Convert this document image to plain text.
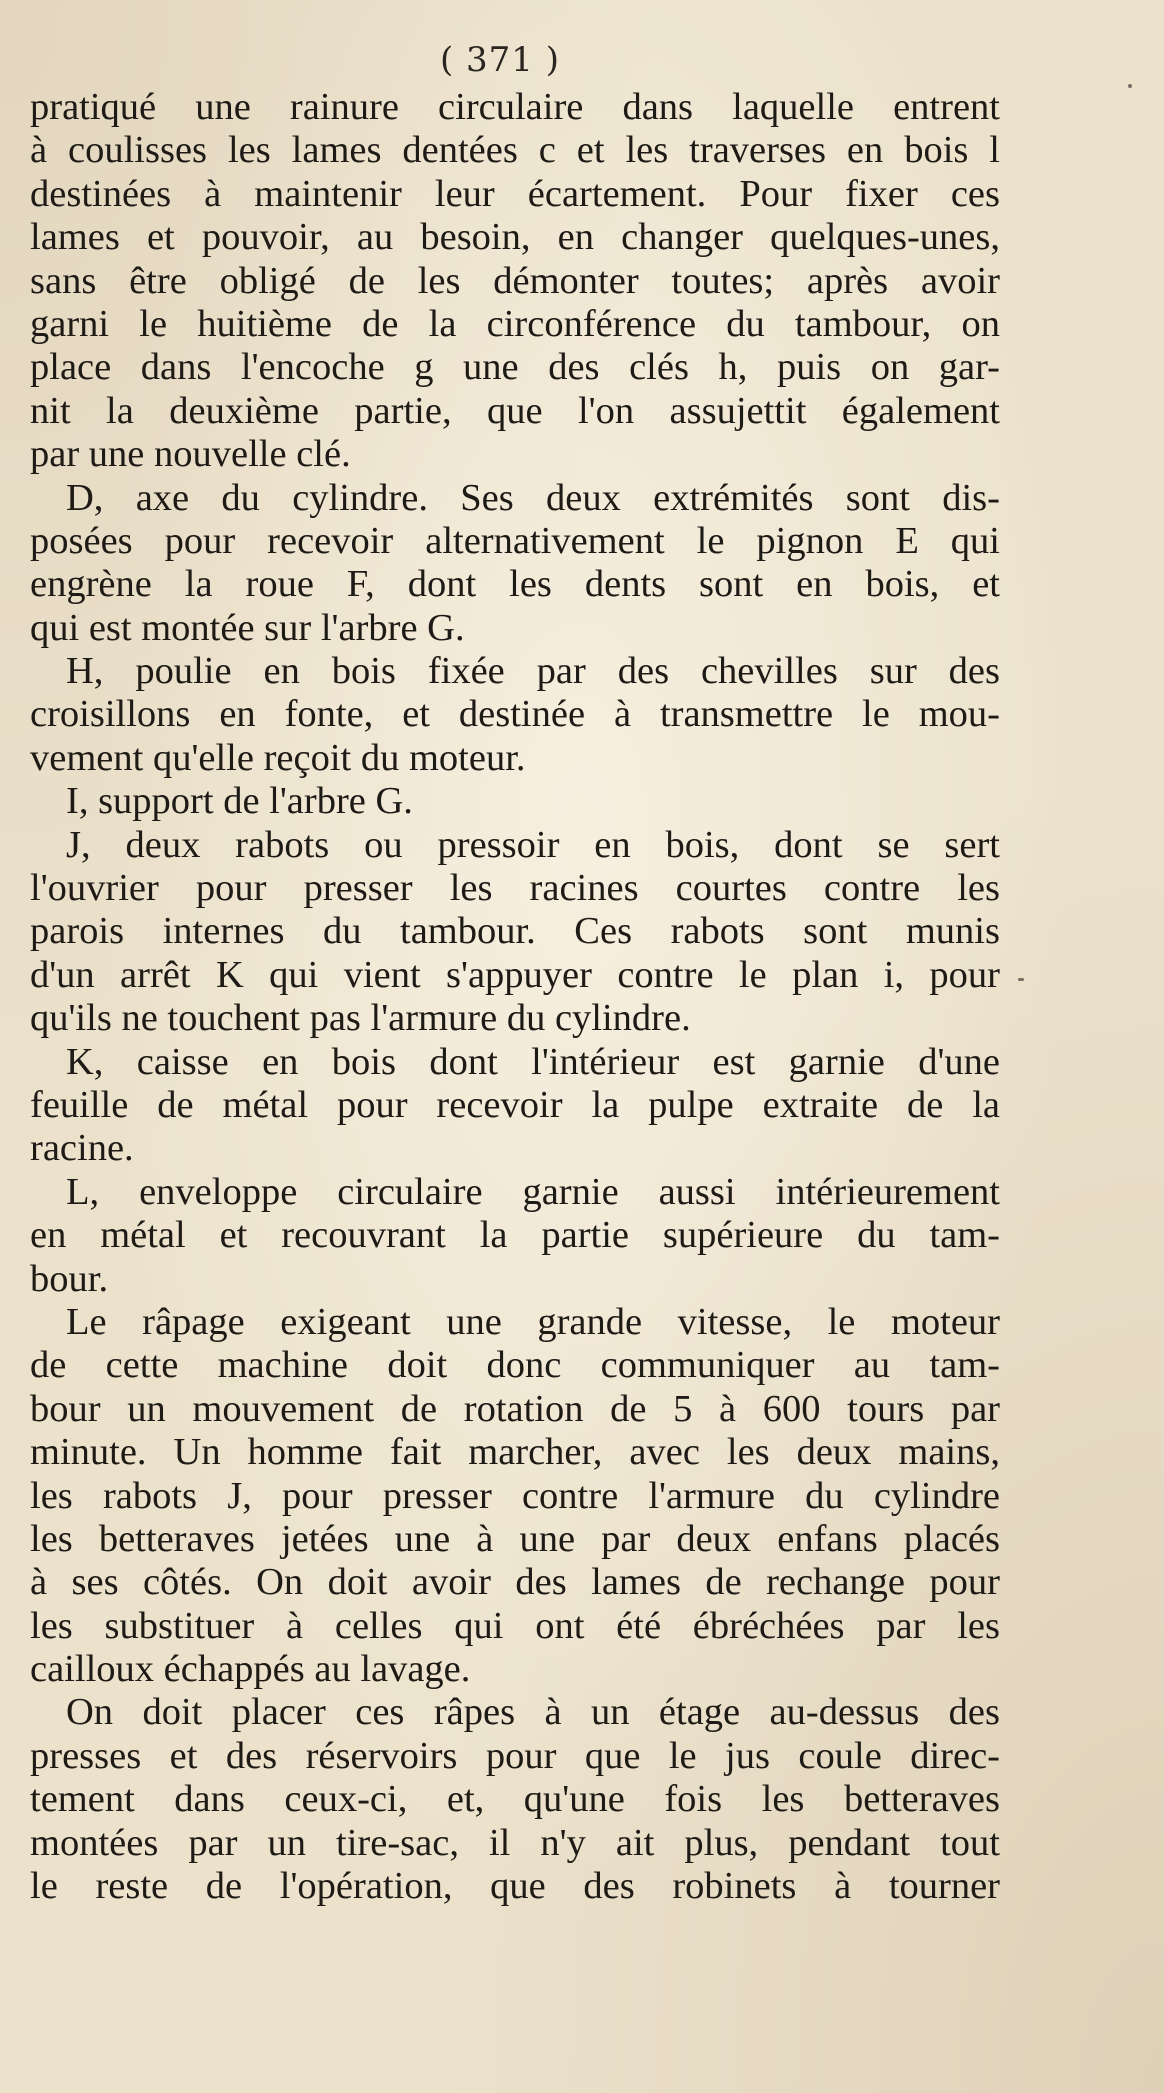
( 371 )
pratiqué une rainure circulaire dans laquelle entrent
à coulisses les lames dentées c et les traverses en bois l
destinées à maintenir leur écartement. Pour fixer ces
lames et pouvoir, au besoin, en changer quelques-unes,
sans être obligé de les démonter toutes; après avoir
garni le huitième de la circonférence du tambour, on
place dans l'encoche g une des clés h, puis on gar-
nit la deuxième partie, que l'on assujettit également
par une nouvelle clé.
D, axe du cylindre. Ses deux extrémités sont dis-
posées pour recevoir alternativement le pignon E qui
engrène la roue F, dont les dents sont en bois, et
qui est montée sur l'arbre G.
H, poulie en bois fixée par des chevilles sur des
croisillons en fonte, et destinée à transmettre le mou-
vement qu'elle reçoit du moteur.
I, support de l'arbre G.
J, deux rabots ou pressoir en bois, dont se sert
l'ouvrier pour presser les racines courtes contre les
parois internes du tambour. Ces rabots sont munis
d'un arrêt K qui vient s'appuyer contre le plan i, pour
qu'ils ne touchent pas l'armure du cylindre.
K, caisse en bois dont l'intérieur est garnie d'une
feuille de métal pour recevoir la pulpe extraite de la
racine.
L, enveloppe circulaire garnie aussi intérieurement
en métal et recouvrant la partie supérieure du tam-
bour.
Le râpage exigeant une grande vitesse, le moteur
de cette machine doit donc communiquer au tam-
bour un mouvement de rotation de 5 à 600 tours par
minute. Un homme fait marcher, avec les deux mains,
les rabots J, pour presser contre l'armure du cylindre
les betteraves jetées une à une par deux enfans placés
à ses côtés. On doit avoir des lames de rechange pour
les substituer à celles qui ont été ébréchées par les
cailloux échappés au lavage.
On doit placer ces râpes à un étage au-dessus des
presses et des réservoirs pour que le jus coule direc-
tement dans ceux-ci, et, qu'une fois les betteraves
montées par un tire-sac, il n'y ait plus, pendant tout
le reste de l'opération, que des robinets à tourner
